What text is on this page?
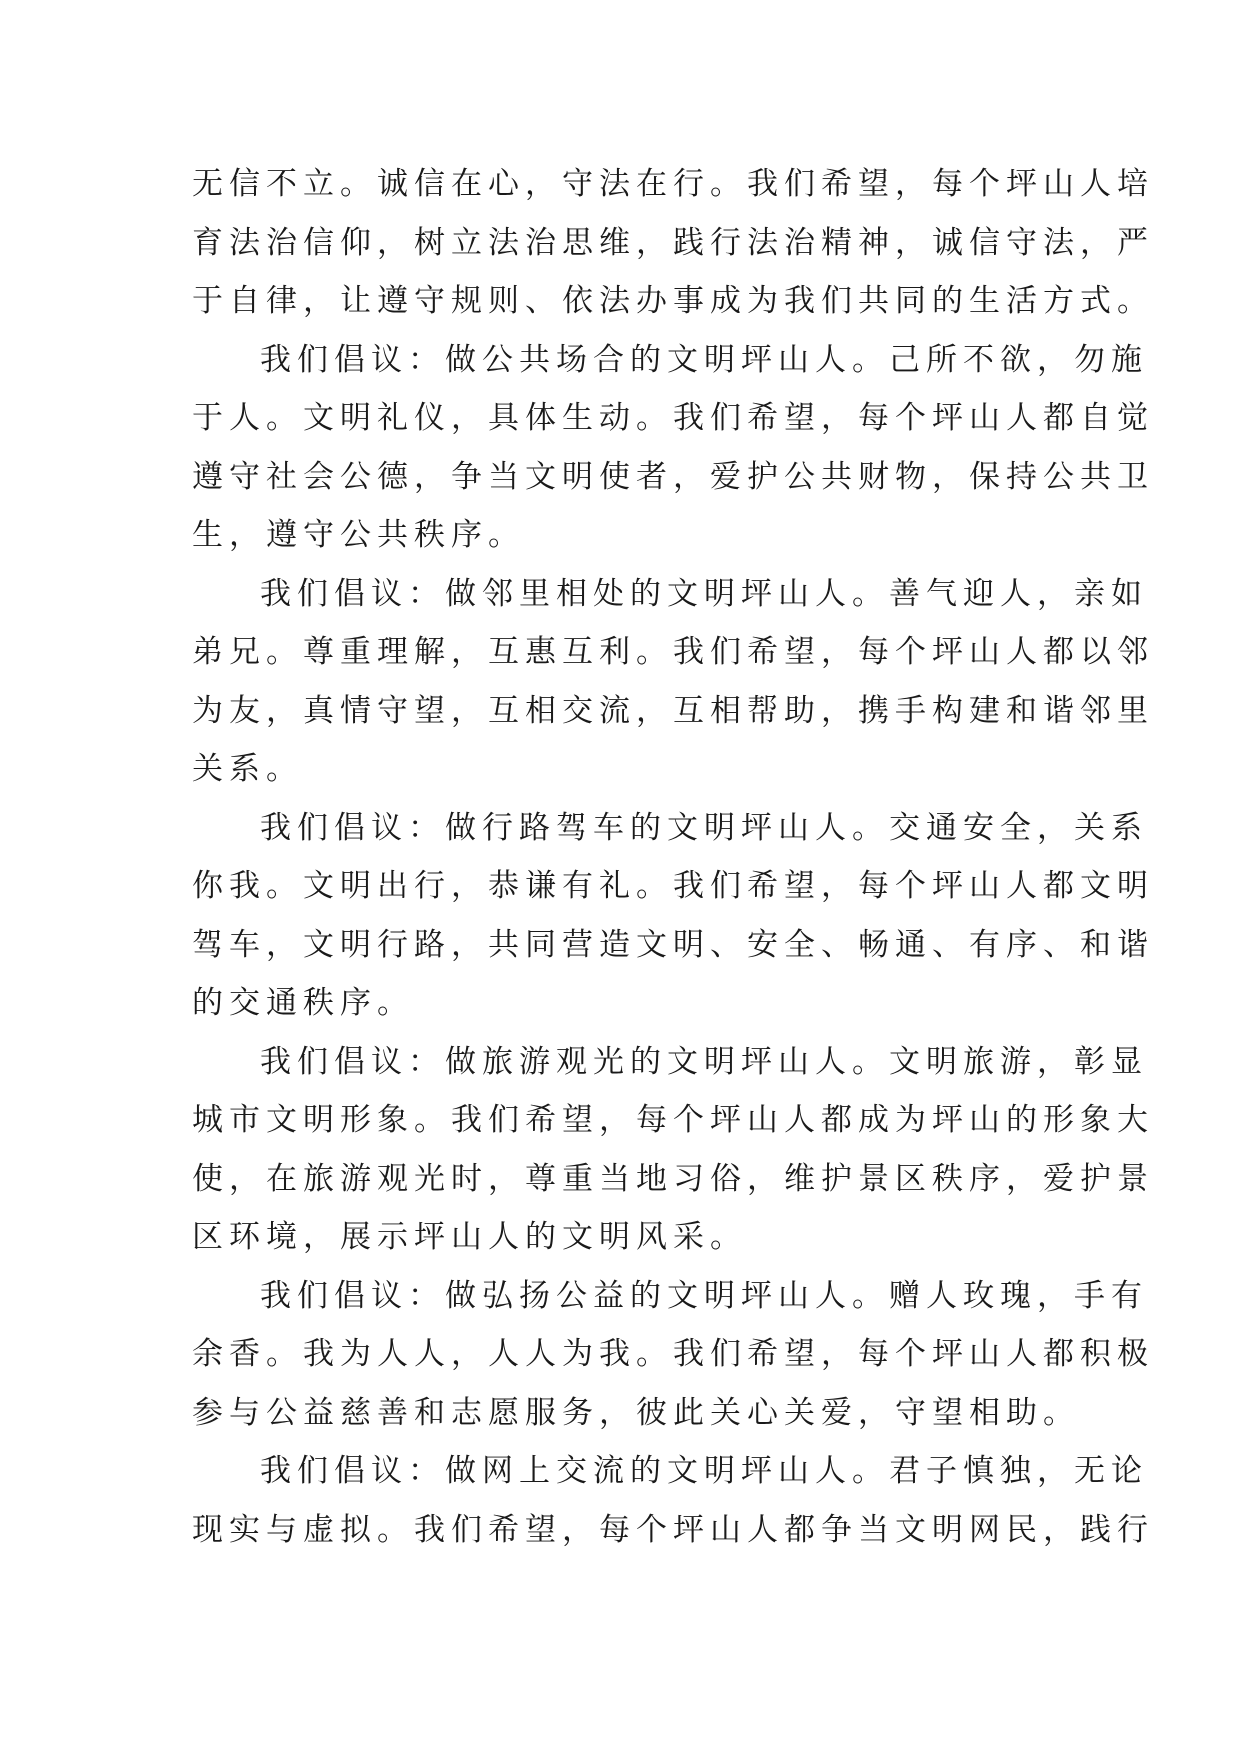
无信不立。诚信在心，守法在行。我们希望，每个坪山人培
育法治信仰，树立法治思维，践行法治精神，诚信守法，严
于自律，让遵守规则、依法办事成为我们共同的生活方式。
我们倡议：做公共场合的文明坪山人。己所不欲，勿施
于人。文明礼仪，具体生动。我们希望，每个坪山人都自觉
遵守社会公德，争当文明使者，爱护公共财物，保持公共卫
生，遵守公共秩序。
我们倡议：做邻里相处的文明坪山人。善气迎人，亲如
弟兄。尊重理解，互惠互利。我们希望，每个坪山人都以邻
为友，真情守望，互相交流，互相帮助，携手构建和谐邻里
关系。
我们倡议：做行路驾车的文明坪山人。交通安全，关系
你我。文明出行，恭谦有礼。我们希望，每个坪山人都文明
驾车，文明行路，共同营造文明、安全、畅通、有序、和谐
的交通秩序。
我们倡议：做旅游观光的文明坪山人。文明旅游，彰显
城市文明形象。我们希望，每个坪山人都成为坪山的形象大
使，在旅游观光时，尊重当地习俗，维护景区秩序，爱护景
区环境，展示坪山人的文明风采。
我们倡议：做弘扬公益的文明坪山人。赠人玫瑰，手有
余香。我为人人，人人为我。我们希望，每个坪山人都积极
参与公益慈善和志愿服务，彼此关心关爱，守望相助。
我们倡议：做网上交流的文明坪山人。君子慎独，无论
现实与虚拟。我们希望，每个坪山人都争当文明网民，践行
